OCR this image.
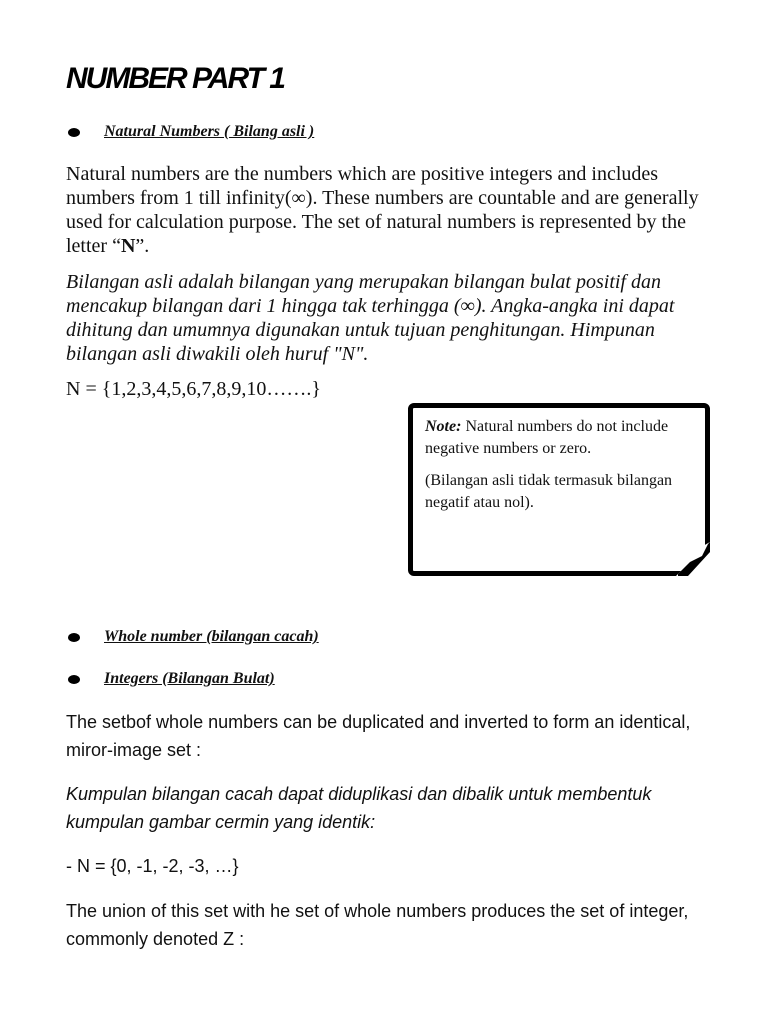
NUMBER PART 1
Natural Numbers ( Bilang asli )

Natural numbers are the numbers which are positive integers and includes numbers from 1 till infinity(∞). These numbers are countable and are generally used for calculation purpose. The set of natural numbers is represented by the letter “N”.

Bilangan asli adalah bilangan yang merupakan bilangan bulat positif dan mencakup bilangan dari 1 hingga tak terhingga (∞). Angka-angka ini dapat dihitung dan umumnya digunakan untuk tujuan penghitungan. Himpunan bilangan asli diwakili oleh huruf "N".

N = {1,2,3,4,5,6,7,8,9,10…….}

Note: Natural numbers do not include negative numbers or zero.

(Bilangan asli tidak termasuk bilangan negatif atau nol).

Whole number (bilangan cacah)
Integers (Bilangan Bulat)

The setbof whole numbers can be duplicated and inverted to form an identical, miror-image set :

Kumpulan bilangan cacah dapat diduplikasi dan dibalik untuk membentuk kumpulan gambar cermin yang identik:

- N = {0, -1, -2, -3, …}

The union of this set with he set of whole numbers produces the set of integer, commonly denoted Z :
